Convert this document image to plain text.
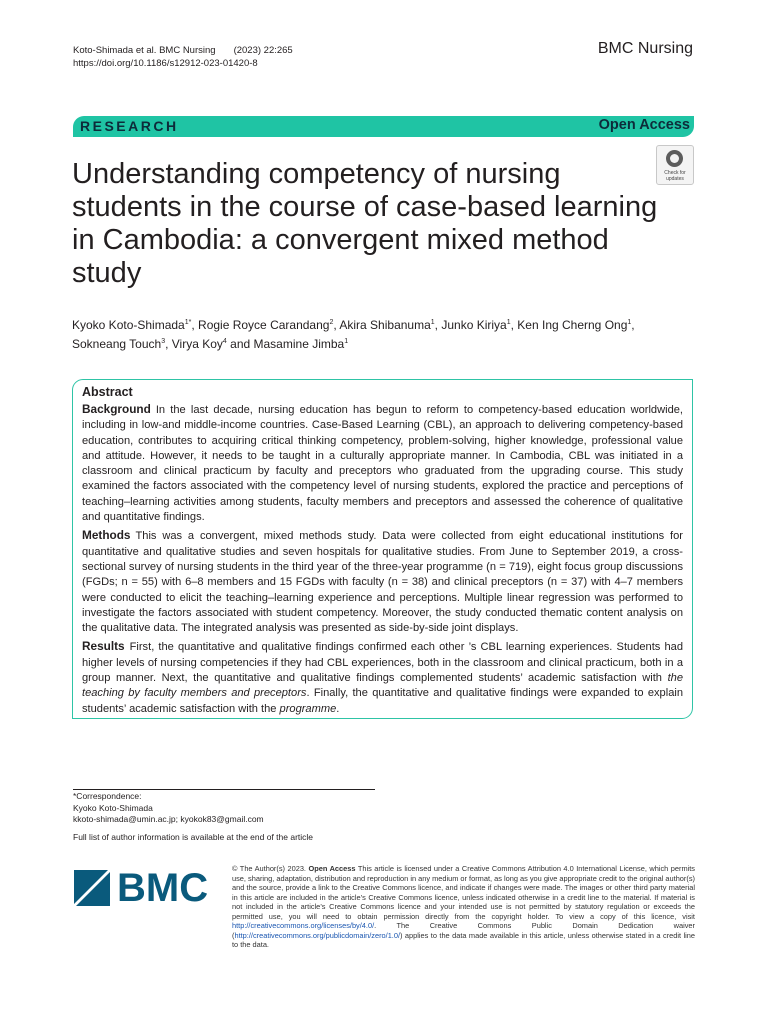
Koto-Shimada et al. BMC Nursing (2023) 22:265
https://doi.org/10.1186/s12912-023-01420-8
BMC Nursing
RESEARCH	Open Access
Check for
updates
Understanding competency of nursing students in the course of case-based learning in Cambodia: a convergent mixed method study
Kyoko Koto-Shimada$^{1*}$, Rogie Royce Carandang$^2$, Akira Shibanuma$^1$, Junko Kiriya$^1$, Ken Ing Cherng Ong$^1$,
Sokneang Touch$^3$, Virya Koy$^4$ and Masamine Jimba$^1$
Abstract

Background In the last decade, nursing education has begun to reform to competency-based education worldwide, including in low-and middle-income countries. Case-Based Learning (CBL), an approach to delivering competency-based education, contributes to acquiring critical thinking competency, problem-solving, higher knowledge, professional value and attitude. However, it needs to be taught in a culturally appropriate manner. In Cambodia, CBL was initiated in a classroom and clinical practicum by faculty and preceptors who graduated from the upgrading course. This study examined the factors associated with the competency level of nursing students, explored the practice and perceptions of teaching–learning activities among students, faculty members and preceptors and assessed the coherence of qualitative and quantitative findings.

Methods This was a convergent, mixed methods study. Data were collected from eight educational institutions for quantitative and qualitative studies and seven hospitals for qualitative studies. From June to September 2019, a cross-sectional survey of nursing students in the third year of the three-year programme (n = 719), eight focus group discussions (FGDs; n = 55) with 6–8 members and 15 FGDs with faculty (n = 38) and clinical preceptors (n = 37) with 4–7 members were conducted to elicit the teaching–learning experience and perceptions. Multiple linear regression was performed to investigate the factors associated with student competency. Moreover, the study conducted thematic content analysis on the qualitative data. The integrated analysis was presented as side-by-side joint displays.

Results First, the quantitative and qualitative findings confirmed each other ’s CBL learning experiences. Students had higher levels of nursing competencies if they had CBL experiences, both in the classroom and clinical practicum, both in a group manner. Next, the quantitative and qualitative findings complemented students’ academic satisfaction with the teaching by faculty members and preceptors. Finally, the quantitative and qualitative findings were expanded to explain students’ academic satisfaction with the programme.

*Correspondence:
Kyoko Koto-Shimada
kkoto-shimada@umin.ac.jp; kyokok83@gmail.com
Full list of author information is available at the end of the article
BMC	© The Author(s) 2023. Open Access This article is licensed under a Creative Commons Attribution 4.0 International License, which permits use, sharing, adaptation, distribution and reproduction in any medium or format, as long as you give appropriate credit to the original author(s) and the source, provide a link to the Creative Commons licence, and indicate if changes were made. The images or other third party material in this article are included in the article’s Creative Commons licence, unless indicated otherwise in a credit line to the material. If material is not included in the article’s Creative Commons licence and your intended use is not permitted by statutory regulation or exceeds the permitted use, you will need to obtain permission directly from the copyright holder. To view a copy of this licence, visit http://creativecommons.org/licenses/by/4.0/. The Creative Commons Public Domain Dedication waiver (http://creativecommons.org/publicdomain/zero/1.0/) applies to the data made available in this article, unless otherwise stated in a credit line to the data.
